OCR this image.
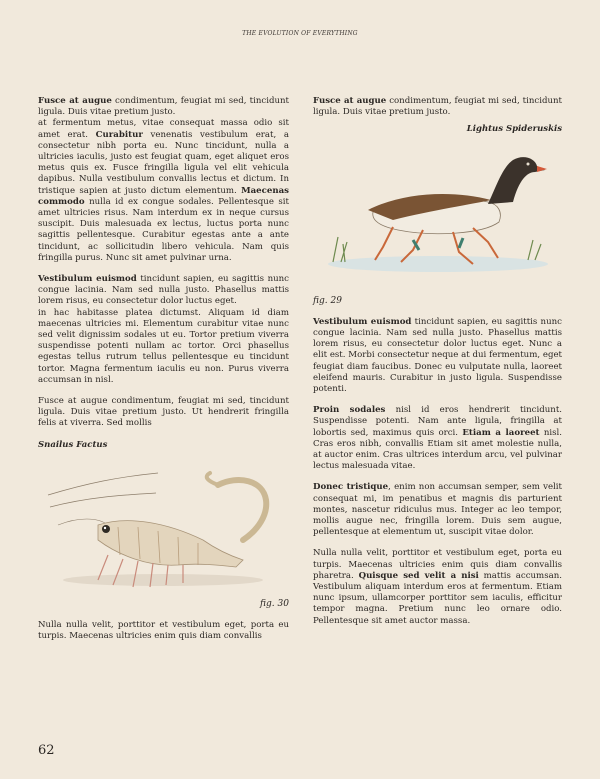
THE EVOLUTION OF EVERYTHING

Fusce at augue condimentum, feugiat mi sed, tincidunt ligula. Duis vitae pretium justo.
at fermentum metus, vitae consequat massa odio sit amet erat. Curabitur venenatis vestibulum erat, a consectetur nibh porta eu. Nunc tincidunt, nulla a ultricies iaculis, justo est feugiat quam, eget aliquet eros metus quis ex. Fusce fringilla ligula vel elit vehicula dapibus. Nulla vestibulum convallis lectus et dictum. In tristique sapien at justo dictum elementum. Maecenas commodo nulla id ex congue sodales. Pellentesque sit amet ultricies risus. Nam interdum ex in neque cursus suscipit. Duis malesuada ex lectus, luctus porta nunc sagittis pellentesque. Curabitur egestas ante a ante tincidunt, ac sollicitudin libero vehicula. Nam quis fringilla purus. Nunc sit amet pulvinar urna.

Vestibulum euismod tincidunt sapien, eu sagittis nunc congue lacinia. Nam sed nulla justo. Phasellus mattis lorem risus, eu consectetur dolor luctus eget.
in hac habitasse platea dictumst. Aliquam id diam maecenas ultricies mi. Elementum curabitur vitae nunc sed velit dignissim sodales ut eu. Tortor pretium viverra suspendisse potenti nullam ac tortor. Orci phasellus egestas tellus rutrum tellus pellentesque eu tincidunt tortor. Magna fermentum iaculis eu non. Purus viverra accumsan in nisl.

Fusce at augue condimentum, feugiat mi sed, tincidunt ligula. Duis vitae pretium justo. Ut hendrerit fringilla felis at viverra. Sed mollis

Snailus Factus
fig. 30

Nulla nulla velit, porttitor et vestibulum eget, porta eu turpis. Maecenas ultricies enim quis diam convallis

Fusce at augue condimentum, feugiat mi sed, tincidunt ligula. Duis vitae pretium justo.

Lightus Spideruskis
fig. 29

Vestibulum euismod tincidunt sapien, eu sagittis nunc congue lacinia. Nam sed nulla justo. Phasellus mattis lorem risus, eu consectetur dolor luctus eget. Nunc a elit est. Morbi consectetur neque at dui fermentum, eget feugiat diam faucibus. Donec eu vulputate nulla, laoreet eleifend mauris. Curabitur in justo ligula. Suspendisse potenti.

Proin sodales nisl id eros hendrerit tincidunt. Suspendisse potenti. Nam ante ligula, fringilla at lobortis sed, maximus quis orci. Etiam a laoreet nisl. Cras eros nibh, convallis Etiam sit amet molestie nulla, at auctor enim. Cras ultrices interdum arcu, vel pulvinar lectus malesuada vitae.

Donec tristique, enim non accumsan semper, sem velit consequat mi, im penatibus et magnis dis parturient montes, nascetur ridiculus mus. Integer ac leo tempor, mollis augue nec, fringilla lorem. Duis sem augue, pellentesque at elementum ut, suscipit vitae dolor.

Nulla nulla velit, porttitor et vestibulum eget, porta eu turpis. Maecenas ultricies enim quis diam convallis pharetra. Quisque sed velit a nisi mattis accumsan. Vestibulum aliquam interdum eros at fermentum. Etiam nunc ipsum, ullamcorper porttitor sem iaculis, efficitur tempor magna. Pretium nunc leo ornare odio. Pellentesque sit amet auctor massa.

62
